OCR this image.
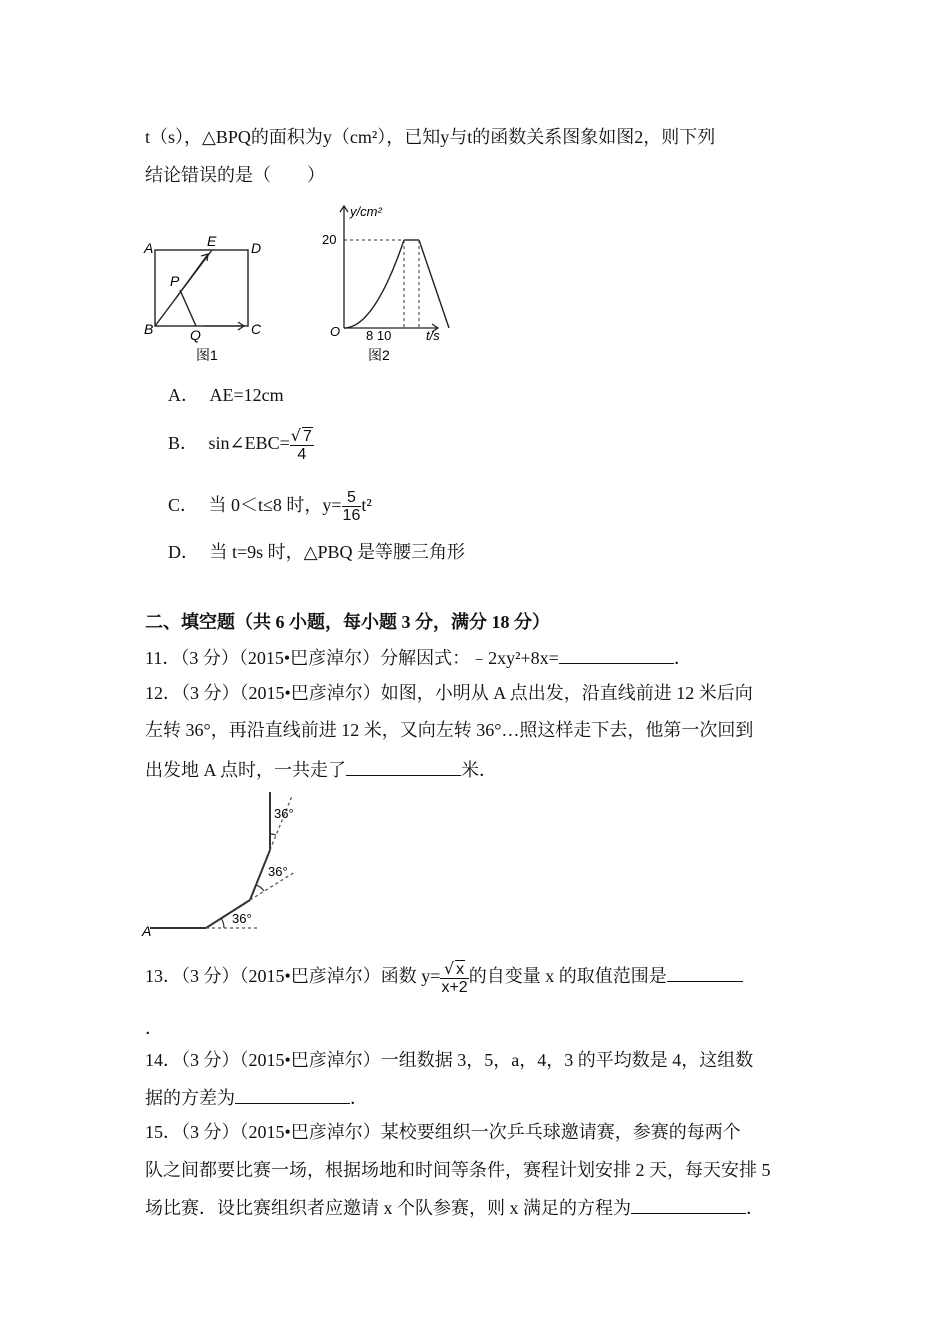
t（s），△BPQ的面积为y（cm²），已知y与t的函数关系图象如图2，则下列
结论错误的是（　　）
A	E D
P
B	Q	C
图1
y/cm²
20
O 8 10	t/s
图2
A． AE=12cm
B． sin∠EBC= $\frac{√ 7}{4}$
C． 当 0＜t≤8 时，$y= \frac{5}{16} t^2$
D． 当 t=9s 时，△PBQ 是等腰三角形
二、填空题（共 6 小题，每小题 3 分，满分 18 分）
11．（3 分）（2015•巴彦淖尔）分解因式：﹣2xy²+8x=	．
12．（3 分）（2015•巴彦淖尔）如图，小明从 A 点出发，沿直线前进 12 米后向
左转 36°，再沿直线前进 12 米，又向左转 36°…照这样走下去，他第一次回到
出发地 A 点时，一共走了	米．
A
36°
36°
36°
13．（3 分）（2015•巴彦淖尔）函数 $y= \frac{√ x}{x+2}$ 的自变量 x 的取值范围是
．
14．（3 分）（2015•巴彦淖尔）一组数据 3，5，a，4，3 的平均数是 4，这组数
据的方差为	．
15．（3 分）（2015•巴彦淖尔）某校要组织一次乒乓球邀请赛，参赛的每两个
队之间都要比赛一场，根据场地和时间等条件，赛程计划安排 2 天，每天安排 5
场比赛．设比赛组织者应邀请 x 个队参赛，则 x 满足的方程为	．
